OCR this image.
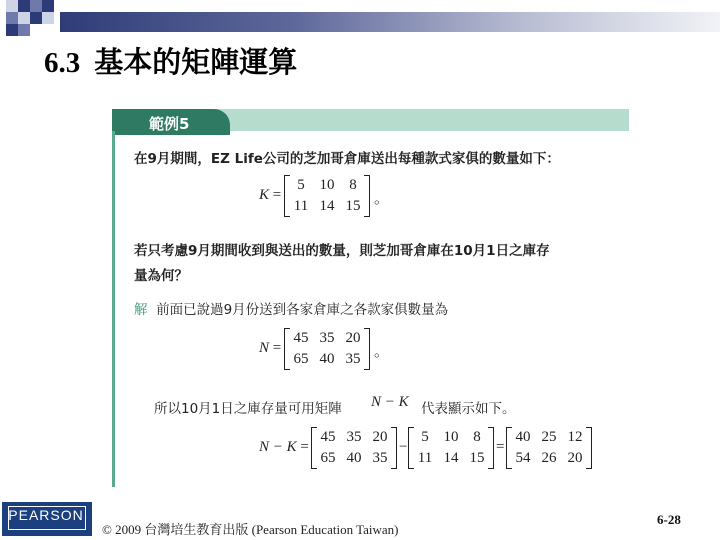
6.3 基本的矩陣運算
範例5
在9月期間，EZ Life公司的芝加哥倉庫送出每種款式家俱的數量如下：
K =
5 10 8
11 14 15 。
若只考慮9月期間收到與送出的數量，則芝加哥倉庫在10月1日之庫存
量為何？
解 前面已說過9月份送到各家倉庫之各款家俱數量為
N =
45 35 20
65 40 35 。
所以10月1日之庫存量可用矩陣 N − K 代表顯示如下。
N − K =
45 35 20
65 40 35
−
5 10 8
11 14 15
=
40 25 12
54 26 20
PEARSON
© 2009 台灣培生教育出版 (Pearson Education Taiwan)
6-28
